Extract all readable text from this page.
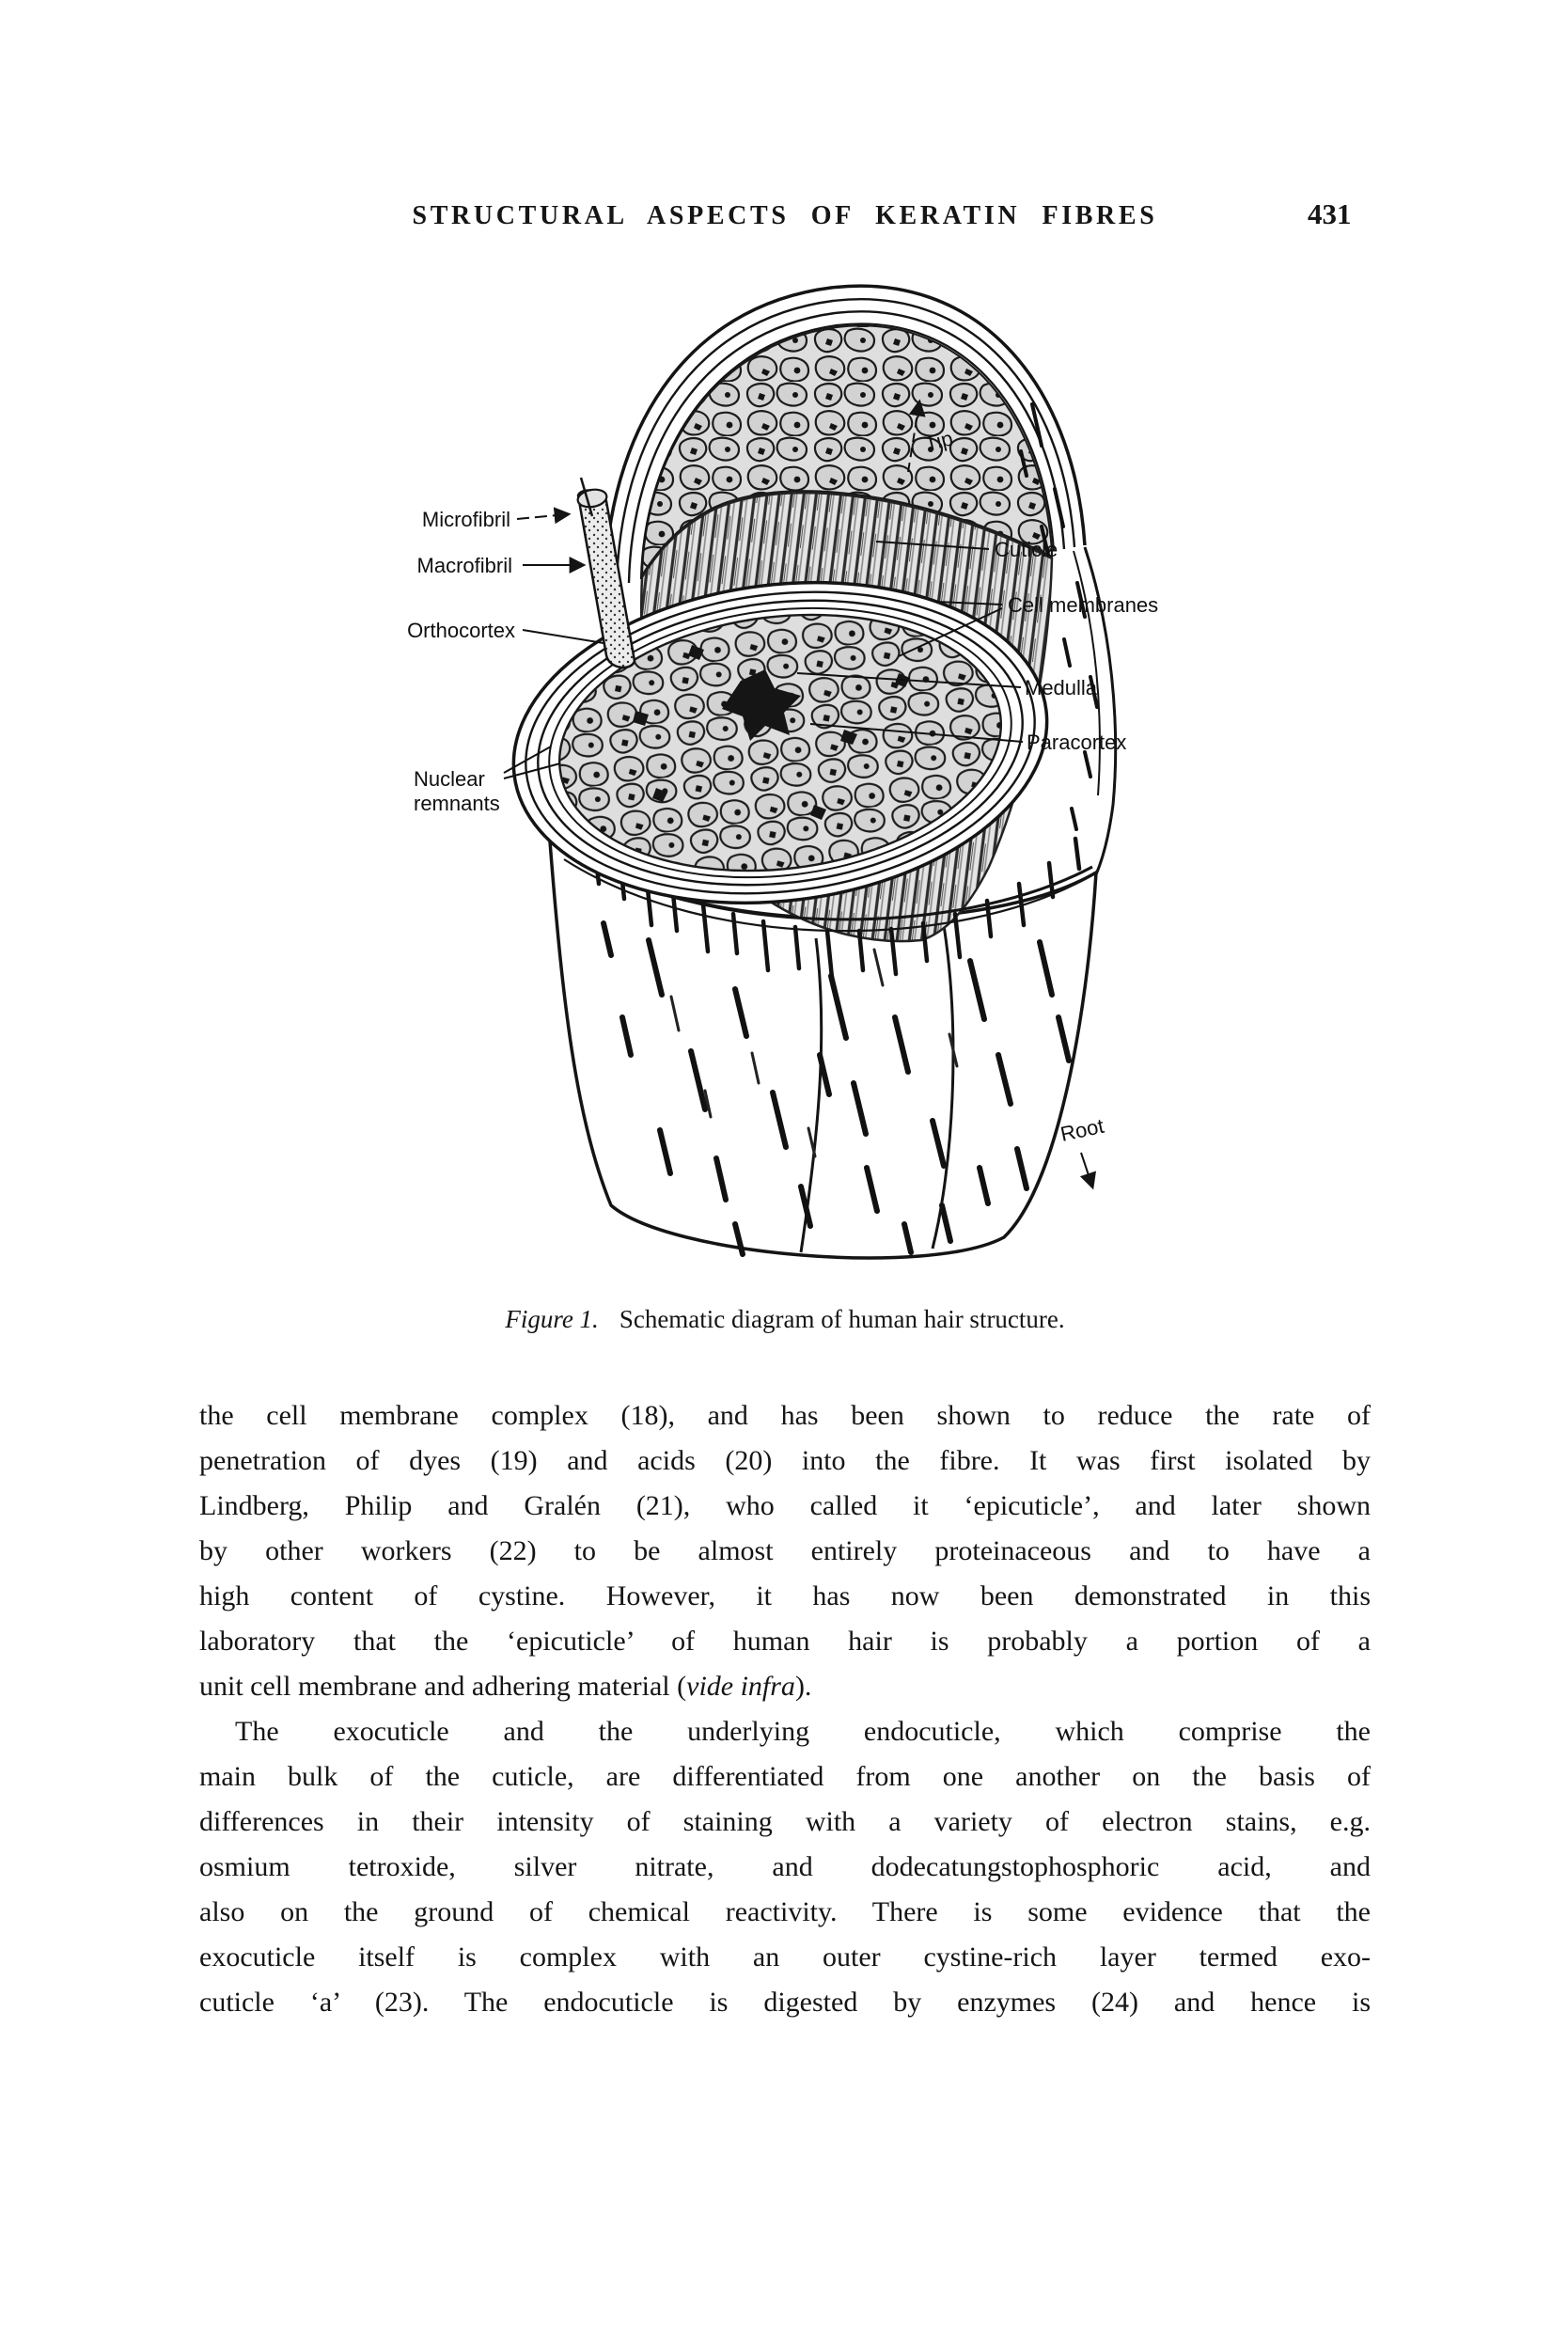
STRUCTURAL ASPECTS OF KERATIN FIBRES	431
Microfibril
Macrofibril
Orthocortex
Nuclear
remnants
Tip
Cuticle
Cell membranes
Medulla
Paracortex
Root
Figure 1. Schematic diagram of human hair structure.
the cell membrane complex (18), and has been shown to reduce the rate of
penetration of dyes (19) and acids (20) into the fibre. It was first isolated by
Lindberg, Philip and Gralén (21), who called it ‘epicuticle’, and later shown
by other workers (22) to be almost entirely proteinaceous and to have a
high content of cystine. However, it has now been demonstrated in this
laboratory that the ‘epicuticle’ of human hair is probably a portion of a
unit cell membrane and adhering material (vide infra).
The exocuticle and the underlying endocuticle, which comprise the
main bulk of the cuticle, are differentiated from one another on the basis of
differences in their intensity of staining with a variety of electron stains, e.g.
osmium tetroxide, silver nitrate, and dodecatungstophosphoric acid, and
also on the ground of chemical reactivity. There is some evidence that the
exocuticle itself is complex with an outer cystine-rich layer termed exo-
cuticle ‘a’ (23). The endocuticle is digested by enzymes (24) and hence is
